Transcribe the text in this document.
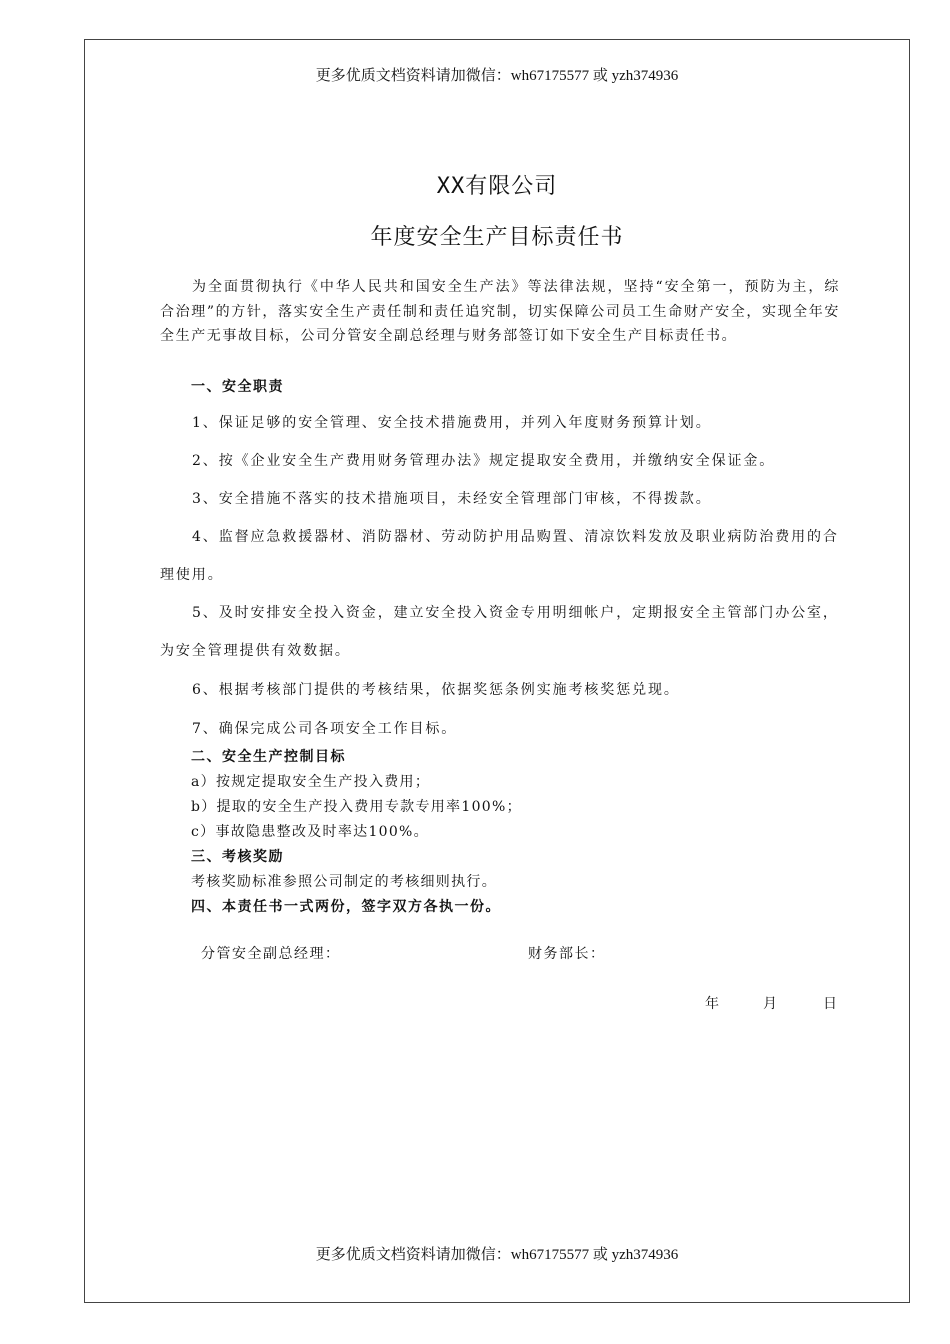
更多优质文档资料请加微信：wh67175577 或 yzh374936
XX有限公司
年度安全生产目标责任书
为全面贯彻执行《中华人民共和国安全生产法》等法律法规，坚持“安全第一，预防为主，综合治理”的方针，落实安全生产责任制和责任追究制，切实保障公司员工生命财产安全，实现全年安全生产无事故目标，公司分管安全副总经理与财务部签订如下安全生产目标责任书。
一、安全职责
1、保证足够的安全管理、安全技术措施费用，并列入年度财务预算计划。
2、按《企业安全生产费用财务管理办法》规定提取安全费用，并缴纳安全保证金。
3、安全措施不落实的技术措施项目，未经安全管理部门审核，不得拨款。
4、监督应急救援器材、消防器材、劳动防护用品购置、清凉饮料发放及职业病防治费用的合理使用。
5、及时安排安全投入资金，建立安全投入资金专用明细帐户，定期报安全主管部门办公室，为安全管理提供有效数据。
6、根据考核部门提供的考核结果，依据奖惩条例实施考核奖惩兑现。
7、确保完成公司各项安全工作目标。
二、安全生产控制目标
a）按规定提取安全生产投入费用；
b）提取的安全生产投入费用专款专用率100%；
c）事故隐患整改及时率达100%。
三、考核奖励
考核奖励标准参照公司制定的考核细则执行。
四、本责任书一式两份，签字双方各执一份。
分管安全副总经理：	财务部长：
年	月	日
更多优质文档资料请加微信：wh67175577 或 yzh374936
